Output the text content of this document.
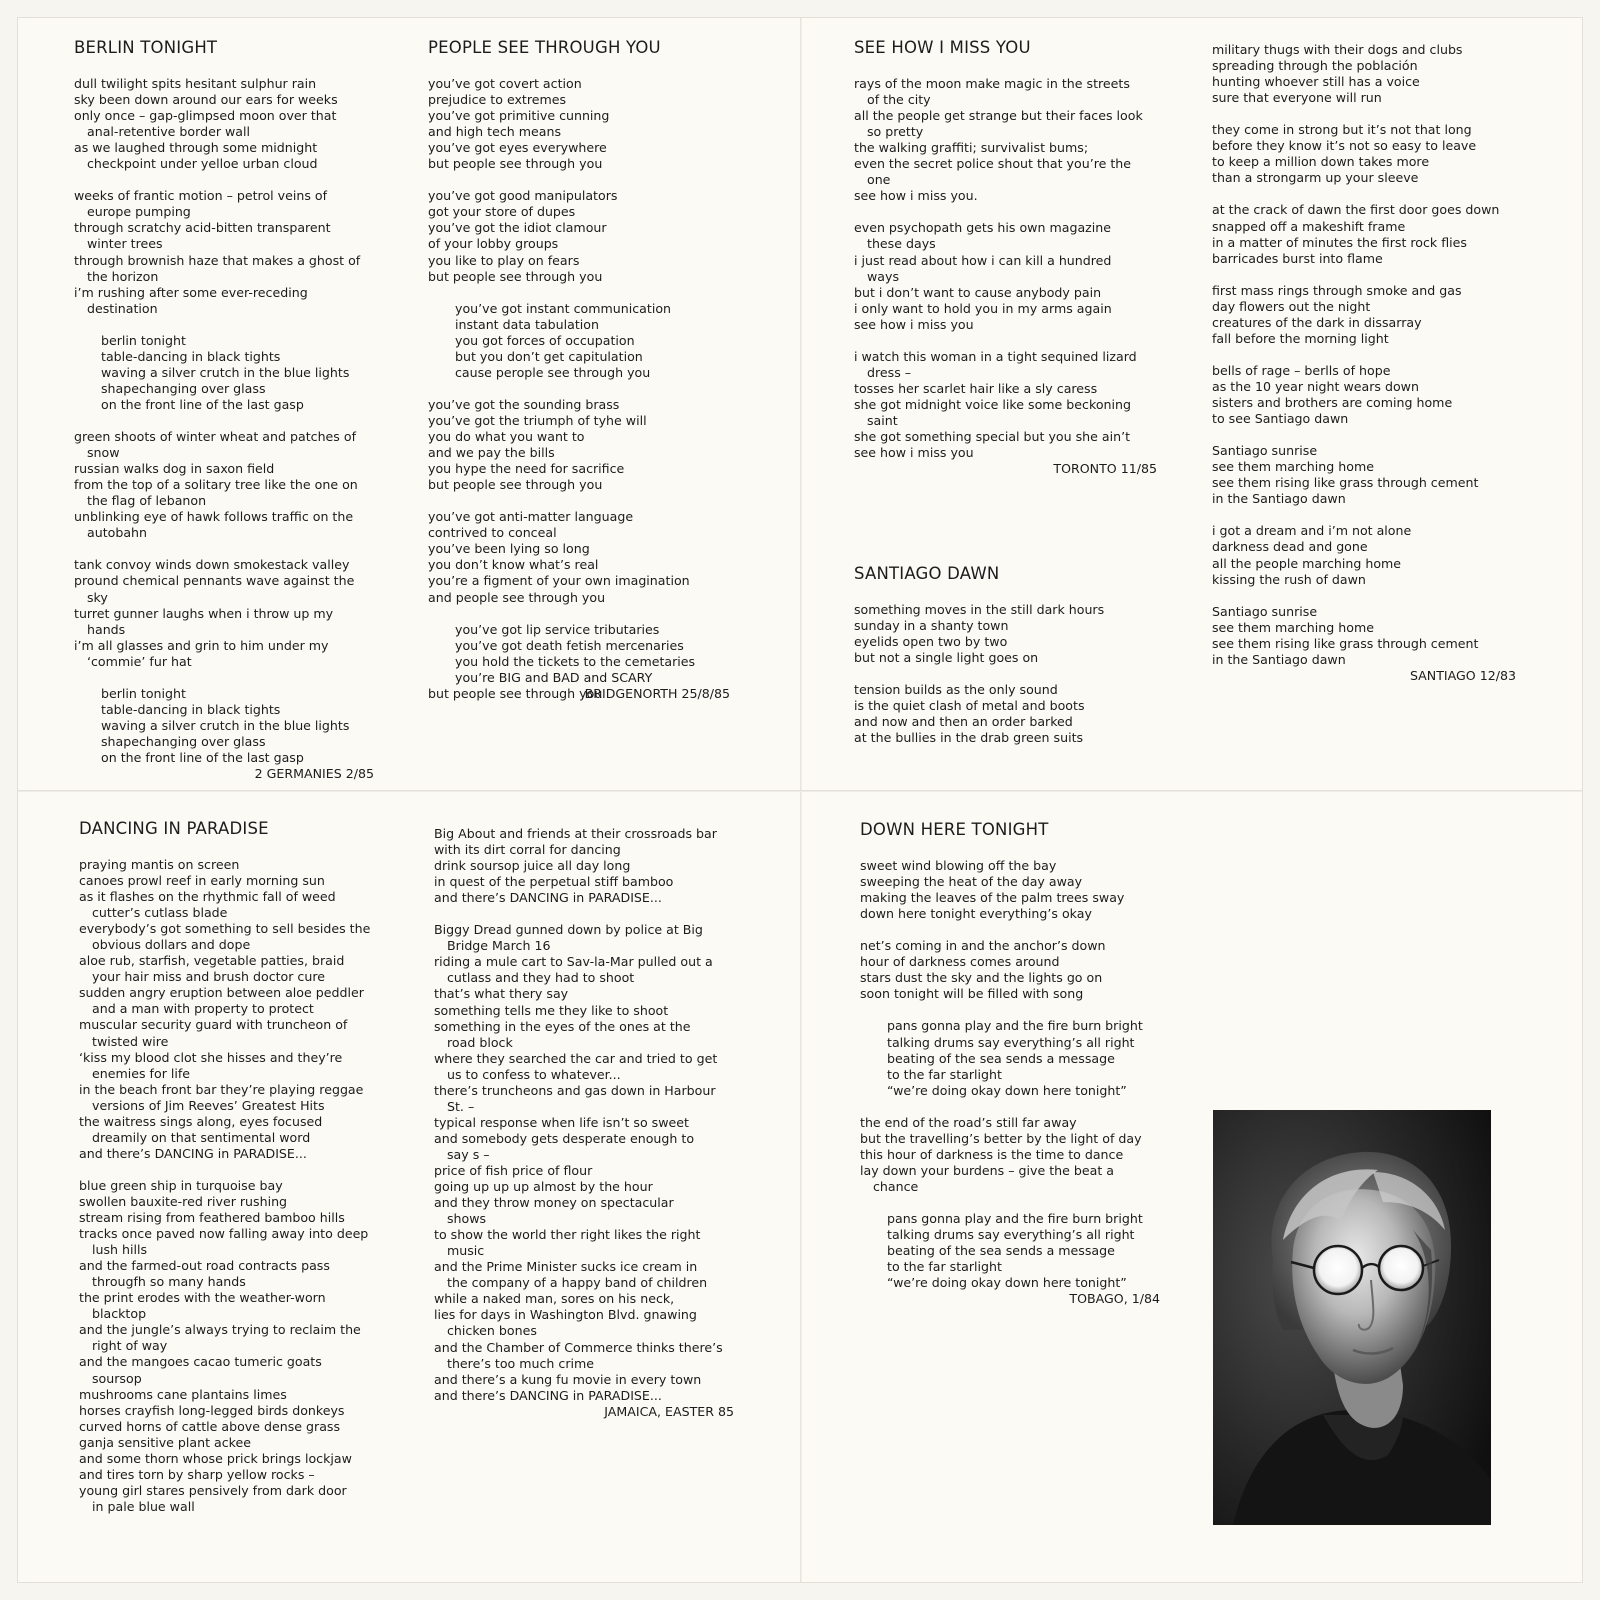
BERLIN TONIGHT
dull twilight spits hesitant sulphur rain
sky been down around our ears for weeks
only once – gap-glimpsed moon over that
anal-retentive border wall
as we laughed through some midnight
checkpoint under yelloe urban cloud
weeks of frantic motion – petrol veins of
europe pumping
through scratchy acid-bitten transparent
winter trees
through brownish haze that makes a ghost of
the horizon
i’m rushing after some ever-receding
destination
berlin tonight
table-dancing in black tights
waving a silver crutch in the blue lights
shapechanging over glass
on the front line of the last gasp
green shoots of winter wheat and patches of
snow
russian walks dog in saxon field
from the top of a solitary tree like the one on
the flag of lebanon
unblinking eye of hawk follows traffic on the
autobahn
tank convoy winds down smokestack valley
pround chemical pennants wave against the
sky
turret gunner laughs when i throw up my
hands
i’m all glasses and grin to him under my
‘commie’ fur hat
berlin tonight
table-dancing in black tights
waving a silver crutch in the blue lights
shapechanging over glass
on the front line of the last gasp
2 GERMANIES 2/85
PEOPLE SEE THROUGH YOU
you’ve got covert action
prejudice to extremes
you’ve got primitive cunning
and high tech means
you’ve got eyes everywhere
but people see through you
you’ve got good manipulators
got your store of dupes
you’ve got the idiot clamour
of your lobby groups
you like to play on fears
but people see through you
you’ve got instant communication
instant data tabulation
you got forces of occupation
but you don’t get capitulation
cause perople see through you
you’ve got the sounding brass
you’ve got the triumph of tyhe will
you do what you want to
and we pay the bills
you hype the need for sacrifice
but people see through you
you’ve got anti-matter language
contrived to conceal
you’ve been lying so long
you don’t know what’s real
you’re a figment of your own imagination
and people see through you
you’ve got lip service tributaries
you’ve got death fetish mercenaries
you hold the tickets to the cemetaries
you’re BIG and BAD and SCARY
but people see through you
BRIDGENORTH 25/8/85
SEE HOW I MISS YOU
rays of the moon make magic in the streets
of the city
all the people get strange but their faces look
so pretty
the walking graffiti; survivalist bums;
even the secret police shout that you’re the
one
see how i miss you.
even psychopath gets his own magazine
these days
i just read about how i can kill a hundred
ways
but i don’t want to cause anybody pain
i only want to hold you in my arms again
see how i miss you
i watch this woman in a tight sequined lizard
dress –
tosses her scarlet hair like a sly caress
she got midnight voice like some beckoning
saint
she got something special but you she ain’t
see how i miss you
TORONTO 11/85
SANTIAGO DAWN
something moves in the still dark hours
sunday in a shanty town
eyelids open two by two
but not a single light goes on
tension builds as the only sound
is the quiet clash of metal and boots
and now and then an order barked
at the bullies in the drab green suits
military thugs with their dogs and clubs
spreading through the población
hunting whoever still has a voice
sure that everyone will run
they come in strong but it’s not that long
before they know it’s not so easy to leave
to keep a million down takes more
than a strongarm up your sleeve
at the crack of dawn the first door goes down
snapped off a makeshift frame
in a matter of minutes the first rock flies
barricades burst into flame
first mass rings through smoke and gas
day flowers out the night
creatures of the dark in dissarray
fall before the morning light
bells of rage – berlls of hope
as the 10 year night wears down
sisters and brothers are coming home
to see Santiago dawn
Santiago sunrise
see them marching home
see them rising like grass through cement
in the Santiago dawn
i got a dream and i’m not alone
darkness dead and gone
all the people marching home
kissing the rush of dawn
Santiago sunrise
see them marching home
see them rising like grass through cement
in the Santiago dawn
SANTIAGO 12/83
DANCING IN PARADISE
praying mantis on screen
canoes prowl reef in early morning sun
as it flashes on the rhythmic fall of weed
cutter’s cutlass blade
everybody’s got something to sell besides the
obvious dollars and dope
aloe rub, starfish, vegetable patties, braid
your hair miss and brush doctor cure
sudden angry eruption between aloe peddler
and a man with property to protect
muscular security guard with truncheon of
twisted wire
‘kiss my blood clot she hisses and they’re
enemies for life
in the beach front bar they’re playing reggae
versions of Jim Reeves’ Greatest Hits
the waitress sings along, eyes focused
dreamily on that sentimental word
and there’s DANCING in PARADISE...
blue green ship in turquoise bay
swollen bauxite-red river rushing
stream rising from feathered bamboo hills
tracks once paved now falling away into deep
lush hills
and the farmed-out road contracts pass
througfh so many hands
the print erodes with the weather-worn
blacktop
and the jungle’s always trying to reclaim the
right of way
and the mangoes cacao tumeric goats
soursop
mushrooms cane plantains limes
horses crayfish long-legged birds donkeys
curved horns of cattle above dense grass
ganja sensitive plant ackee
and some thorn whose prick brings lockjaw
and tires torn by sharp yellow rocks –
young girl stares pensively from dark door
in pale blue wall
Big About and friends at their crossroads bar
with its dirt corral for dancing
drink soursop juice all day long
in quest of the perpetual stiff bamboo
and there’s DANCING in PARADISE...
Biggy Dread gunned down by police at Big
Bridge March 16
riding a mule cart to Sav-la-Mar pulled out a
cutlass and they had to shoot
that’s what thery say
something tells me they like to shoot
something in the eyes of the ones at the
road block
where they searched the car and tried to get
us to confess to whatever...
there’s truncheons and gas down in Harbour
St. –
typical response when life isn’t so sweet
and somebody gets desperate enough to
say s –
price of fish price of flour
going up up up almost by the hour
and they throw money on spectacular
shows
to show the world ther right likes the right
music
and the Prime Minister sucks ice cream in
the company of a happy band of children
while a naked man, sores on his neck,
lies for days in Washington Blvd. gnawing
chicken bones
and the Chamber of Commerce thinks there’s
there’s too much crime
and there’s a kung fu movie in every town
and there’s DANCING in PARADISE...
JAMAICA, EASTER 85
DOWN HERE TONIGHT
sweet wind blowing off the bay
sweeping the heat of the day away
making the leaves of the palm trees sway
down here tonight everything’s okay
net’s coming in and the anchor’s down
hour of darkness comes around
stars dust the sky and the lights go on
soon tonight will be filled with song
pans gonna play and the fire burn bright
talking drums say everything’s all right
beating of the sea sends a message
to the far starlight
“we’re doing okay down here tonight”
the end of the road’s still far away
but the travelling’s better by the light of day
this hour of darkness is the time to dance
lay down your burdens – give the beat a
chance
pans gonna play and the fire burn bright
talking drums say everything’s all right
beating of the sea sends a message
to the far starlight
“we’re doing okay down here tonight”
TOBAGO, 1/84
